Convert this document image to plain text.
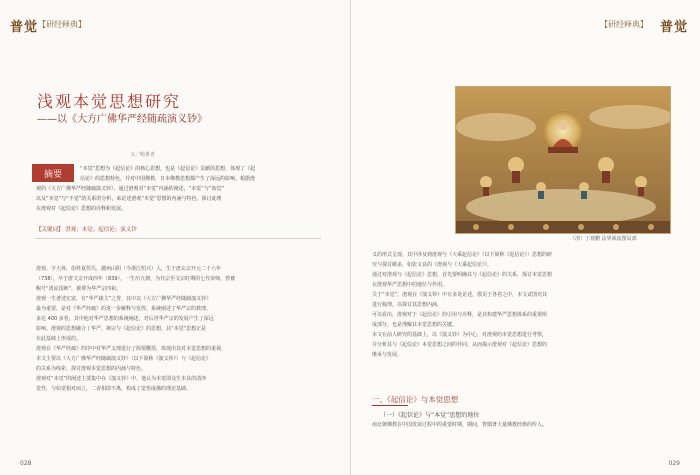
普觉 【研经释典】
浅观本觉思想研究
——以《大方广佛华严经随疏演义钞》
文／哈鲁青
摘要
“本觉”思想为《起信论》的核心思想，也是《起信论》贡献的思想，体现了《起
信论》的思想特色，并对中国佛教、日本佛教思想都产生了深远的影响。根据澄
观的《大方广佛华严经随疏演义钞》，通过澄观对“本觉”内涵的阐述，“本觉”与“始觉”
以及“本觉”与“不觉”的关系的分析，来论述澄观“本觉”思想的内涵与特色，探讨此理
在澄观对《起信论》思想的诠释和发展。
【关键词】 澄观；本觉；起信论；演义钞
澄观，字大休，俗姓夏侯氏，越州山阴（今浙江绍兴）人，生于唐玄宗开元二十六年
（738），卒于唐文宗开成四年（839），一生历九朝，为代宗至文宗时期的七代帝师，曾被
赐号“清凉国师”，被尊为华严宗四祖。
澄观一生著述宏富，有“华严疏主”之誉，其中以《大方广佛华严经随疏演义钞》
最为重要，是对《华严经疏》的进一步解释与发挥，系统阐述了华严宗的教理。
多达 400 多卷，其中他对华严思想的系统阐述，对后世华严宗的发展产生了深远
影响。澄观的思想融合了华严、禅宗与《起信论》的思想，其“本觉”思想正是
在此基础上形成的。
澄观在《华严经疏》的序中对华严义理进行了简要概括，体现出其对本觉思想的重视，
本文主要以《大方广佛华严经随疏演义钞》（以下简称《演义钞》）与《起信论》
的关系为线索，探讨澄观本觉思想的内涵与特色。
澄观对“本觉”的阐述主要集中在《演义钞》中，他认为本觉即众生本具的清净
觉性，与始觉相对而立，二者相即不离，构成了觉悟成佛的理论基础。
028
【研经释典】 普觉
029
（清）丁观鹏 法界源流图局部
义的形式呈现。其中涉及到澄观与《大乘起信论》（以下简称《起信论》）思想的研
究与探讨颇多，如张文良的《澄观与《大乘起信论》》。
通过对澄观与《起信论》思想，首先要明确其与《起信论》的关系，探讨本觉思想
在澄观华严思想中的地位与作用。
关于“本觉”，澄观在《演义钞》中有多处论述，散见于各卷之中，本文试图对其
进行梳理，以探讨其思想内涵。
可以看出，澄观对于《起信论》的引用与诠释，是其构建华严思想体系的重要组
成部分，也是理解其本觉思想的关键。
本文在前人研究的基础上，以《演义钞》为中心，对澄观的本觉思想进行考察，
并分析其与《起信论》本觉思想之间的异同，从而揭示澄观对《起信论》思想的
继承与发展。
一、《起信论》与本觉思想
（一）《起信论》与“本觉”思想的地位
南北朝佛教在中国发展过程中的重要时期，期间，智顗著大量佛教经典的传入。
